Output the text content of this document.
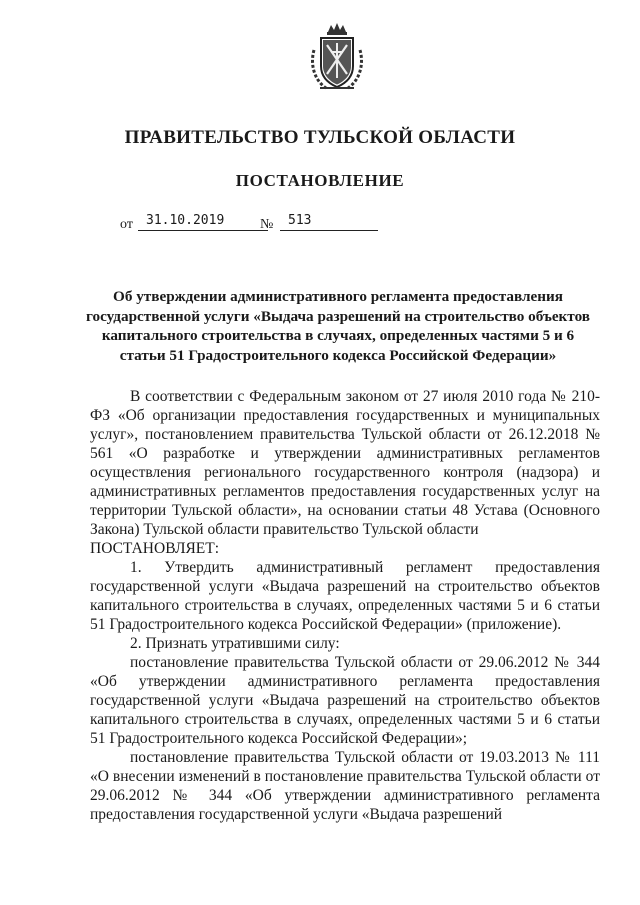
ПРАВИТЕЛЬСТВО ТУЛЬСКОЙ ОБЛАСТИ
ПОСТАНОВЛЕНИЕ
от	31.10.2019	№	513
Об утверждении административного регламента предоставления государственной услуги «Выдача разрешений на строительство объектов капитального строительства в случаях, определенных частями 5 и 6 статьи 51 Градостроительного кодекса Российской Федерации»

В соответствии с Федеральным законом от 27 июля 2010 года № 210-ФЗ «Об организации предоставления государственных и муниципальных услуг», постановлением правительства Тульской области от 26.12.2018 № 561 «О разработке и утверждении административных регламентов осуществления регионального государственного контроля (надзора) и административных регламентов предоставления государственных услуг на территории Тульской области», на основании статьи 48 Устава (Основного Закона) Тульской области правительство Тульской области

ПОСТАНОВЛЯЕТ:

1. Утвердить административный регламент предоставления государственной услуги «Выдача разрешений на строительство объектов капитального строительства в случаях, определенных частями 5 и 6 статьи 51 Градостроительного кодекса Российской Федерации» (приложение).

2. Признать утратившими силу:

постановление правительства Тульской области от 29.06.2012 № 344 «Об утверждении административного регламента предоставления государственной услуги «Выдача разрешений на строительство объектов капитального строительства в случаях, определенных частями 5 и 6 статьи 51 Градостроительного кодекса Российской Федерации»;

постановление правительства Тульской области от 19.03.2013 № 111 «О внесении изменений в постановление правительства Тульской области от 29.06.2012 № 344 «Об утверждении административного регламента предоставления государственной услуги «Выдача разрешений
